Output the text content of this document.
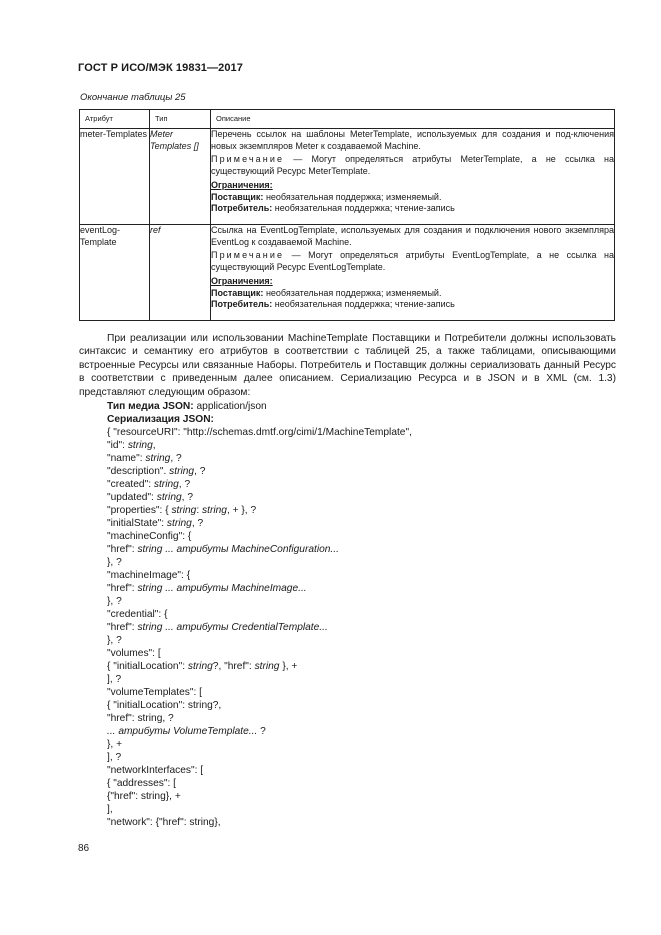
ГОСТ Р ИСО/МЭК 19831—2017
Окончание таблицы 25
Атрибут	Тип	Описание
meter-Templates	Meter Templates []	Перечень ссылок на шаблоны MeterTemplate, используемых для создания и под-ключения новых экземпляров Meter к создаваемой Machine.

Примечание — Могут определяться атрибуты MeterTemplate, а не ссылка на существующий Ресурс MeterTemplate.

Ограничения:
Поставщик: необязательная поддержка; изменяемый.
Потребитель: необязательная поддержка; чтение-запись

eventLog-Template	ref	Ссылка на EventLogTemplate, используемых для создания и подключения нового экземпляра EventLog к создаваемой Machine.

Примечание — Могут определяться атрибуты EventLogTemplate, а не ссылка на существующий Ресурс EventLogTemplate.

Ограничения:
Поставщик: необязательная поддержка; изменяемый.
Потребитель: необязательная поддержка; чтение-запись

При реализации или использовании MachineTemplate Поставщики и Потребители должны использовать синтаксис и семантику его атрибутов в соответствии с таблицей 25, а также таблицами, описывающими встроенные Ресурсы или связанные Наборы. Потребитель и Поставщик должны сериализовать данный Ресурс в соответствии с приведенным далее описанием. Сериализацию Ресурса и в JSON и в XML (см. 1.3) представляют следующим образом:

Тип медиа JSON: application/json
Сериализация JSON:
{ "resourceURI": "http://schemas.dmtf.org/cimi/1/MachineTemplate",
"id": string,
"name": string, ?
"description". string, ?
"created": string, ?
"updated": string, ?
"properties": { string: string, + }, ?
"initialState": string, ?
"machineConfig": {
"href": string ... атрибуты MachineConfiguration...
}, ?
"machineImage": {
"href": string ... атрибуты MachineImage...
}, ?
"credential": {
"href": string ... атрибуты CredentialTemplate...
}, ?
"volumes": [
{ "initialLocation": string?, "href": string }, +
], ?
"volumeTemplates": [
{ "initialLocation": string?,
"href": string, ?
... атрибуты VolumeTemplate... ?
}, +
], ?
"networkInterfaces": [
{ "addresses": [
{"href": string}, +
],
"network": {"href": string},
86
